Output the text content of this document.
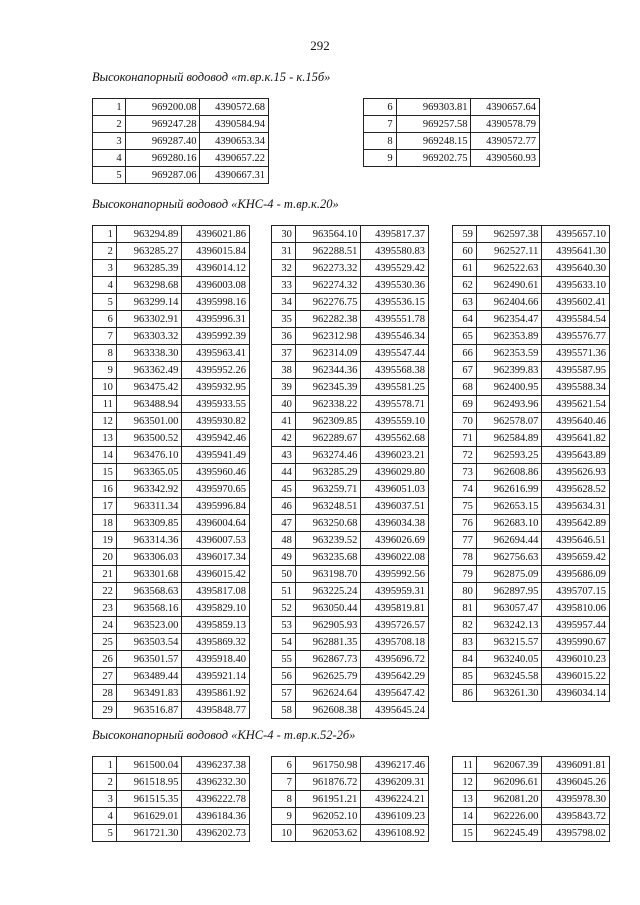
292
Высоконапорный водовод «т.вр.к.15 - к.15б»
1	969200.08	4390572.68
2	969247.28	4390584.94
3	969287.40	4390653.34
4	969280.16	4390657.22
5	969287.06	4390667.31
6	969303.81	4390657.64
7	969257.58	4390578.79
8	969248.15	4390572.77
9	969202.75	4390560.93
Высоконапорный водовод «КНС-4 - т.вр.к.20»
1	963294.89	4396021.86
2	963285.27	4396015.84
3	963285.39	4396014.12
4	963298.68	4396003.08
5	963299.14	4395998.16
6	963302.91	4395996.31
7	963303.32	4395992.39
8	963338.30	4395963.41
9	963362.49	4395952.26
10	963475.42	4395932.95
11	963488.94	4395933.55
12	963501.00	4395930.82
13	963500.52	4395942.46
14	963476.10	4395941.49
15	963365.05	4395960.46
16	963342.92	4395970.65
17	963311.34	4395996.84
18	963309.85	4396004.64
19	963314.36	4396007.53
20	963306.03	4396017.34
21	963301.68	4396015.42
22	963568.63	4395817.08
23	963568.16	4395829.10
24	963523.00	4395859.13
25	963503.54	4395869.32
26	963501.57	4395918.40
27	963489.44	4395921.14
28	963491.83	4395861.92
29	963516.87	4395848.77
30	963564.10	4395817.37
31	962288.51	4395580.83
32	962273.32	4395529.42
33	962274.32	4395530.36
34	962276.75	4395536.15
35	962282.38	4395551.78
36	962312.98	4395546.34
37	962314.09	4395547.44
38	962344.36	4395568.38
39	962345.39	4395581.25
40	962338.22	4395578.71
41	962309.85	4395559.10
42	962289.67	4395562.68
43	963274.46	4396023.21
44	963285.29	4396029.80
45	963259.71	4396051.03
46	963248.51	4396037.51
47	963250.68	4396034.38
48	963239.52	4396026.69
49	963235.68	4396022.08
50	963198.70	4395992.56
51	963225.24	4395959.31
52	963050.44	4395819.81
53	962905.93	4395726.57
54	962881.35	4395708.18
55	962867.73	4395696.72
56	962625.79	4395642.29
57	962624.64	4395647.42
58	962608.38	4395645.24
59	962597.38	4395657.10
60	962527.11	4395641.30
61	962522.63	4395640.30
62	962490.61	4395633.10
63	962404.66	4395602.41
64	962354.47	4395584.54
65	962353.89	4395576.77
66	962353.59	4395571.36
67	962399.83	4395587.95
68	962400.95	4395588.34
69	962493.96	4395621.54
70	962578.07	4395640.46
71	962584.89	4395641.82
72	962593.25	4395643.89
73	962608.86	4395626.93
74	962616.99	4395628.52
75	962653.15	4395634.31
76	962683.10	4395642.89
77	962694.44	4395646.51
78	962756.63	4395659.42
79	962875.09	4395686.09
80	962897.95	4395707.15
81	963057.47	4395810.06
82	963242.13	4395957.44
83	963215.57	4395990.67
84	963240.05	4396010.23
85	963245.58	4396015.22
86	963261.30	4396034.14
Высоконапорный водовод «КНС-4 - т.вр.к.52-2б»
1	961500.04	4396237.38
2	961518.95	4396232.30
3	961515.35	4396222.78
4	961629.01	4396184.36
5	961721.30	4396202.73
6	961750.98	4396217.46
7	961876.72	4396209.31
8	961951.21	4396224.21
9	962052.10	4396109.23
10	962053.62	4396108.92
11	962067.39	4396091.81
12	962096.61	4396045.26
13	962081.20	4395978.30
14	962226.00	4395843.72
15	962245.49	4395798.02
